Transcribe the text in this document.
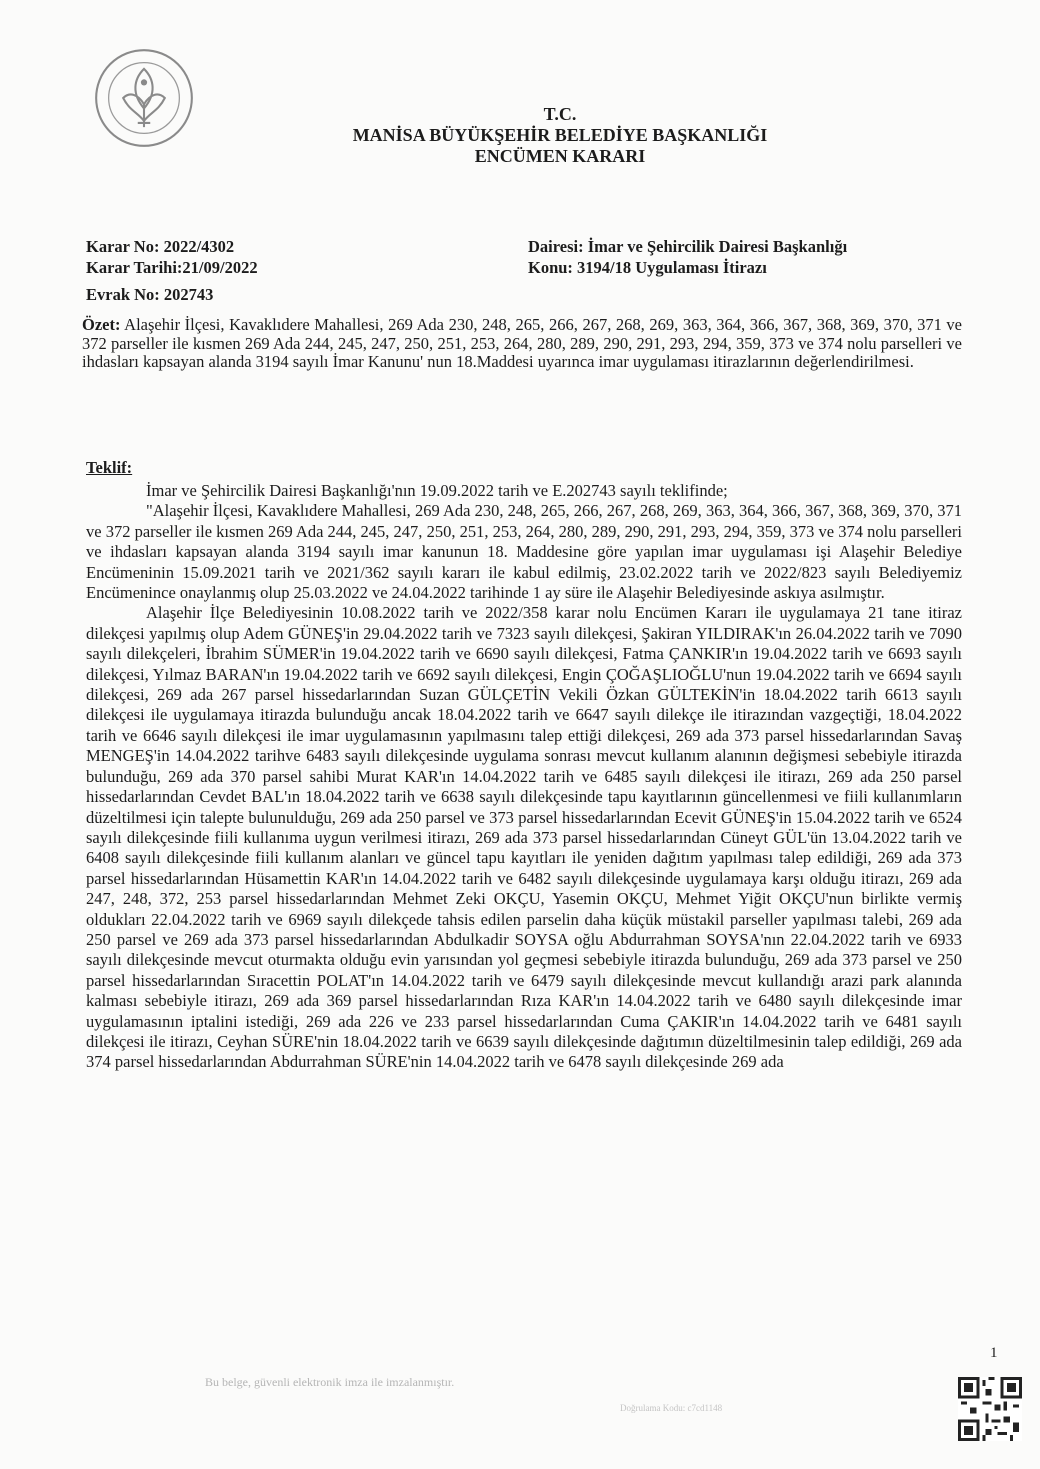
T.C.
MANİSA BÜYÜKŞEHİR BELEDİYE BAŞKANLIĞI
ENCÜMEN KARARI
Karar No: 2022/4302
Karar Tarihi:21/09/2022
Evrak No: 202743
Dairesi: İmar ve Şehircilik Dairesi Başkanlığı
Konu: 3194/18 Uygulaması İtirazı
Özet: Alaşehir İlçesi, Kavaklıdere Mahallesi, 269 Ada 230, 248, 265, 266, 267, 268, 269, 363, 364, 366, 367, 368, 369, 370, 371 ve 372 parseller ile kısmen 269 Ada 244, 245, 247, 250, 251, 253, 264, 280, 289, 290, 291, 293, 294, 359, 373 ve 374 nolu parselleri ve ihdasları kapsayan alanda 3194 sayılı İmar Kanunu' nun 18.Maddesi uyarınca imar uygulaması itirazlarının değerlendirilmesi.
Teklif:

İmar ve Şehircilik Dairesi Başkanlığı'nın 19.09.2022 tarih ve E.202743 sayılı teklifinde;

"Alaşehir İlçesi, Kavaklıdere Mahallesi, 269 Ada 230, 248, 265, 266, 267, 268, 269, 363, 364, 366, 367, 368, 369, 370, 371 ve 372 parseller ile kısmen 269 Ada 244, 245, 247, 250, 251, 253, 264, 280, 289, 290, 291, 293, 294, 359, 373 ve 374 nolu parselleri ve ihdasları kapsayan alanda 3194 sayılı imar kanunun 18. Maddesine göre yapılan imar uygulaması işi Alaşehir Belediye Encümeninin 15.09.2021 tarih ve 2021/362 sayılı kararı ile kabul edilmiş, 23.02.2022 tarih ve 2022/823 sayılı Belediyemiz Encümenince onaylanmış olup 25.03.2022 ve 24.04.2022 tarihinde 1 ay süre ile Alaşehir Belediyesinde askıya asılmıştır.

Alaşehir İlçe Belediyesinin 10.08.2022 tarih ve 2022/358 karar nolu Encümen Kararı ile uygulamaya 21 tane itiraz dilekçesi yapılmış olup Adem GÜNEŞ'in 29.04.2022 tarih ve 7323 sayılı dilekçesi, Şakiran YILDIRAK'ın 26.04.2022 tarih ve 7090 sayılı dilekçeleri, İbrahim SÜMER'in 19.04.2022 tarih ve 6690 sayılı dilekçesi, Fatma ÇANKIR'ın 19.04.2022 tarih ve 6693 sayılı dilekçesi, Yılmaz BARAN'ın 19.04.2022 tarih ve 6692 sayılı dilekçesi, Engin ÇOĞAŞLIOĞLU'nun 19.04.2022 tarih ve 6694 sayılı dilekçesi, 269 ada 267 parsel hissedarlarından Suzan GÜLÇETİN Vekili Özkan GÜLTEKİN'in 18.04.2022 tarih 6613 sayılı dilekçesi ile uygulamaya itirazda bulunduğu ancak 18.04.2022 tarih ve 6647 sayılı dilekçe ile itirazından vazgeçtiği, 18.04.2022 tarih ve 6646 sayılı dilekçesi ile imar uygulamasının yapılmasını talep ettiği dilekçesi, 269 ada 373 parsel hissedarlarından Savaş MENGEŞ'in 14.04.2022 tarihve 6483 sayılı dilekçesinde uygulama sonrası mevcut kullanım alanının değişmesi sebebiyle itirazda bulunduğu, 269 ada 370 parsel sahibi Murat KAR'ın 14.04.2022 tarih ve 6485 sayılı dilekçesi ile itirazı, 269 ada 250 parsel hissedarlarından Cevdet BAL'ın 18.04.2022 tarih ve 6638 sayılı dilekçesinde tapu kayıtlarının güncellenmesi ve fiili kullanımların düzeltilmesi için talepte bulunulduğu, 269 ada 250 parsel ve 373 parsel hissedarlarından Ecevit GÜNEŞ'in 15.04.2022 tarih ve 6524 sayılı dilekçesinde fiili kullanıma uygun verilmesi itirazı, 269 ada 373 parsel hissedarlarından Cüneyt GÜL'ün 13.04.2022 tarih ve 6408 sayılı dilekçesinde fiili kullanım alanları ve güncel tapu kayıtları ile yeniden dağıtım yapılması talep edildiği, 269 ada 373 parsel hissedarlarından Hüsamettin KAR'ın 14.04.2022 tarih ve 6482 sayılı dilekçesinde uygulamaya karşı olduğu itirazı, 269 ada 247, 248, 372, 253 parsel hissedarlarından Mehmet Zeki OKÇU, Yasemin OKÇU, Mehmet Yiğit OKÇU'nun birlikte vermiş oldukları 22.04.2022 tarih ve 6969 sayılı dilekçede tahsis edilen parselin daha küçük müstakil parseller yapılması talebi, 269 ada 250 parsel ve 269 ada 373 parsel hissedarlarından Abdulkadir SOYSA oğlu Abdurrahman SOYSA'nın 22.04.2022 tarih ve 6933 sayılı dilekçesinde mevcut oturmakta olduğu evin yarısından yol geçmesi sebebiyle itirazda bulunduğu, 269 ada 373 parsel ve 250 parsel hissedarlarından Sıracettin POLAT'ın 14.04.2022 tarih ve 6479 sayılı dilekçesinde mevcut kullandığı arazi park alanında kalması sebebiyle itirazı, 269 ada 369 parsel hissedarlarından Rıza KAR'ın 14.04.2022 tarih ve 6480 sayılı dilekçesinde imar uygulamasının iptalini istediği, 269 ada 226 ve 233 parsel hissedarlarından Cuma ÇAKIR'ın 14.04.2022 tarih ve 6481 sayılı dilekçesi ile itirazı, Ceyhan SÜRE'nin 18.04.2022 tarih ve 6639 sayılı dilekçesinde dağıtımın düzeltilmesinin talep edildiği, 269 ada 374 parsel hissedarlarından Abdurrahman SÜRE'nin 14.04.2022 tarih ve 6478 sayılı dilekçesinde 269 ada

1
Bu belge, güvenli elektronik imza ile imzalanmıştır.
Doğrulama Kodu: c7cd1148
